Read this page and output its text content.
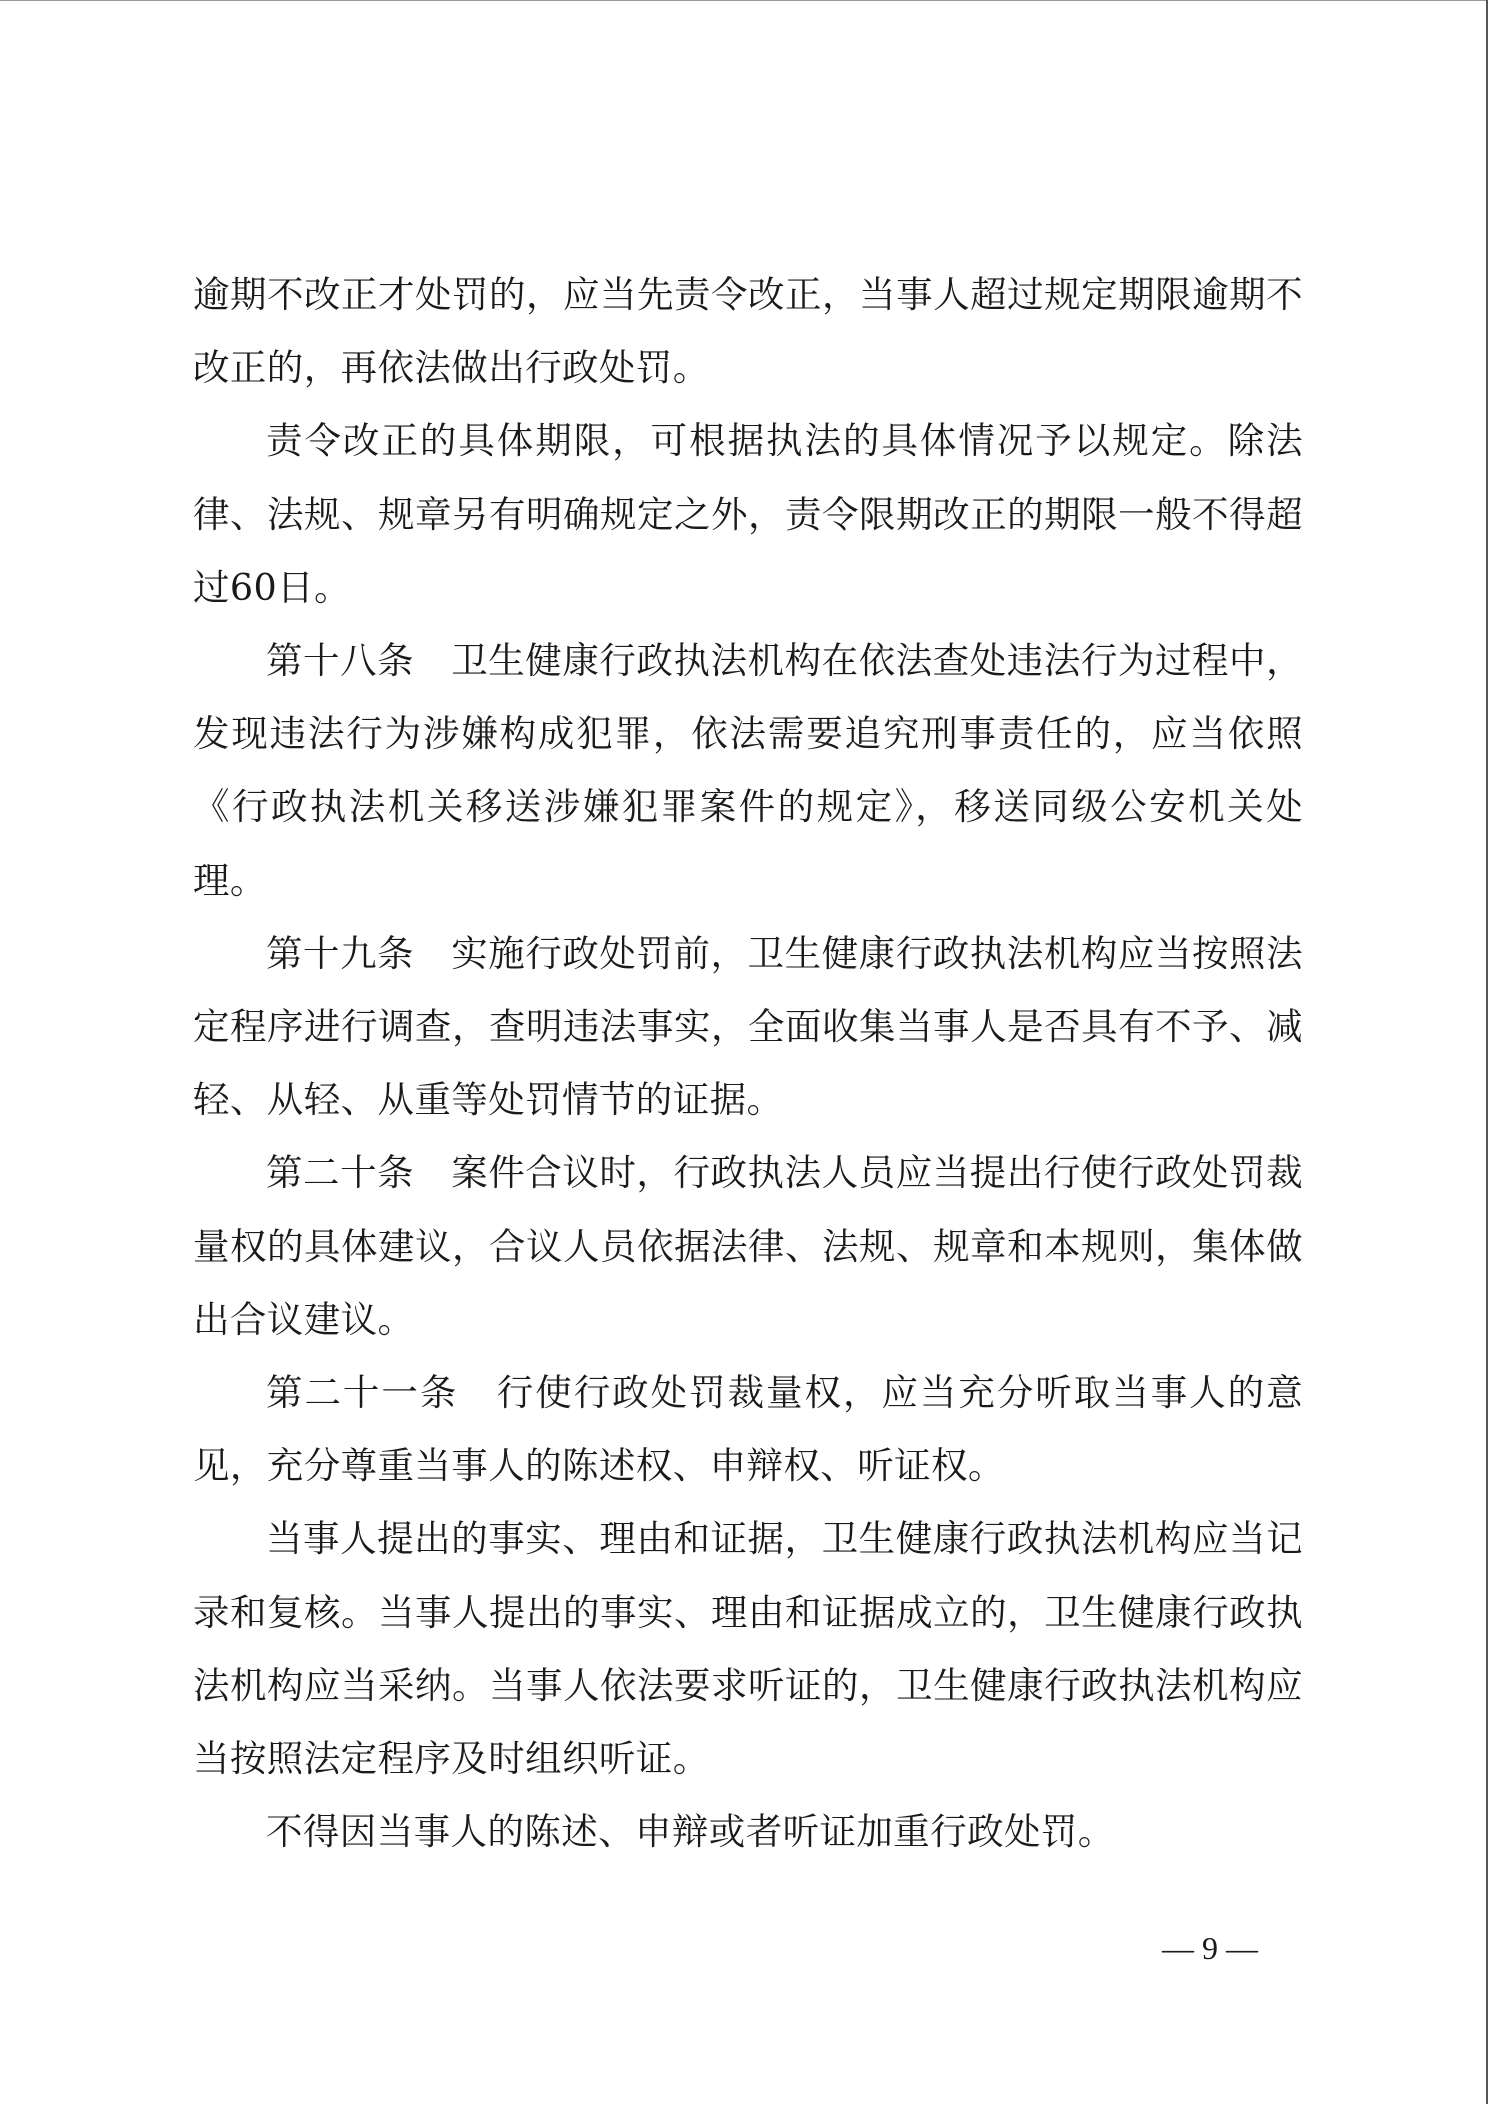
逾期不改正才处罚的，应当先责令改正，当事人超过规定期限逾期不改正的，再依法做出行政处罚。

责令改正的具体期限，可根据执法的具体情况予以规定。除法律、法规、规章另有明确规定之外，责令限期改正的期限一般不得超过60日。

第十八条　卫生健康行政执法机构在依法查处违法行为过程中，发现违法行为涉嫌构成犯罪，依法需要追究刑事责任的，应当依照《行政执法机关移送涉嫌犯罪案件的规定》，移送同级公安机关处理。

第十九条　实施行政处罚前，卫生健康行政执法机构应当按照法定程序进行调查，查明违法事实，全面收集当事人是否具有不予、减轻、从轻、从重等处罚情节的证据。

第二十条　案件合议时，行政执法人员应当提出行使行政处罚裁量权的具体建议，合议人员依据法律、法规、规章和本规则，集体做出合议建议。

第二十一条　行使行政处罚裁量权，应当充分听取当事人的意见，充分尊重当事人的陈述权、申辩权、听证权。

当事人提出的事实、理由和证据，卫生健康行政执法机构应当记录和复核。当事人提出的事实、理由和证据成立的，卫生健康行政执法机构应当采纳。当事人依法要求听证的，卫生健康行政执法机构应当按照法定程序及时组织听证。

不得因当事人的陈述、申辩或者听证加重行政处罚。

— 9 —
